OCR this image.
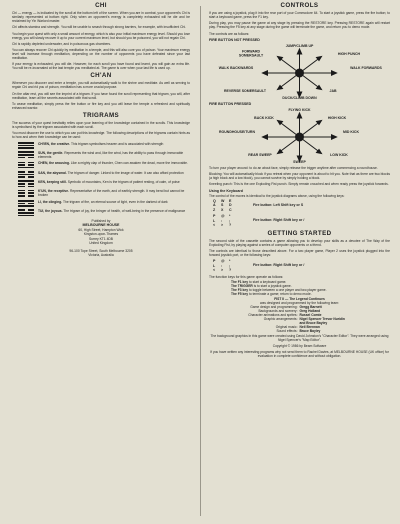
CHI

Chi — energy — is indicated by the scroll at the bottom left of the screen. When you are in combat, your opponent's Chi is similarly represented at bottom right. Only when an opponent's energy is completely exhausted will he die and be reclaimed by Yin Warlord master.

Chi affects stamina and strength. You will be unable to smash through strong barriers, for example, with insufficient Chi.

You begin your quest with only a small amount of energy, which is also your initial maximum energy level. Should you lose energy, you will slowly recover it up to your current maximum level, but should you be poisoned, you will not regain Chi.

Chi is rapidly depleted underwater, and in poisonous gas chambers.

You can always recover Chi quickly by meditation in a temple, and this will also cure you of poison. Your maximum energy level will increase through meditation, depending on the number of opponents you have defeated since your last meditation.

If your energy is exhausted, you will die. However, for each scroll you have found and learnt, you will gain an extra life. You will be re-incarnated at the last temple you meditated at. The game is over when your last life is used up.

CH'AN

Whenever you discover and enter a temple, you will automatically walk to the shrine and meditate. As well as serving to regain Chi and rid you of poison, meditation has a more crucial purpose.

On the altar rest, you will see the imprint of a trigram. If you have found the scroll representing that trigram, you will, after meditation, learn all the secrets associated with that scroll.

To cease meditation, simply press the fire button or fire key and you will leave the temple a refreshed and spiritually enhanced warrior.

TRIGRAMS

The success of your quest inevitably relies upon your learning of the knowledge contained in the scrolls. This knowledge is symbolised by the trigram associated with each scroll.

You must discover the use to which you can put this knowledge. The following descriptions of the trigrams contain hints as to how and when their knowledge can be used:

CH'IEN, the creative. This trigram symbolises heaven and is associated with strength
SUN, the gentle. Represents the wind and, like the wind, has the ability to pass through immovable elements
CHEN, the arousing. Like a mighty clap of thunder, Chen can awaken the dead, move the immovable.
SAN, the abysmal. The trigram of danger. Linked to the image of water. It can also afford protection
KEN, keeping still. Symbolic of mountains, Ken is the trigram of patient resting, of calm, of poise
K'UN, the receptive. Representative of the earth, and of earthly strength. It may bend but cannot be broken
LI, the clinging. The trigram of fire, an eternal source of light, even in the darkest of dark
TUI, the joyous. The trigram of joy, the bringer of health, of well-being in the presence of malignance
Published by
MELBOURNE HOUSE
60, High Street, Hampton Wick
Kingston-upon-Thames
Surrey KT1 4DB
United Kingdom
96-100 Tope Street, South Melbourne 3205
Victoria, Australia
CONTROLS

If you are using a joystick, plug it into the rear port of your Commodore 64. To start a joystick game, press the fire button; to start a keyboard game, press the F1 key.

During play, you may pause the game at any stage by pressing the RESTORE key. Pressing RESTORE again will restart play. Pressing the F5 key at any stage during the game will terminate the game, and return you to demo mode.

The controls are as follows:

FIRE BUTTON NOT PRESSED
JUMP/CLIMB UP
FORWARD SOMERSAULT
HIGH PUNCH
WALK BACKWARDS	WALK FORWARDS
REVERSE SOMERSAULT	JAB
DUCK/CLIMB DOWN
FIRE BUTTON PRESSED
FLYING KICK
BACK KICK	HIGH KICK
ROUNDHOUSE/TURN	MID KICK
REAR SWEEP	LOW KICK
SWEEP

To turn your player around: to do an about face, simply release the trigger anytime after commencing a roundhouse.

Blocking: You will automatically block if you retreat when your opponent is about to hit you. Note that as there are two blocks (a high block and a low block), you cannot survive by simply holding a block.

Kneeling punch: This is the one Exploding Fist punch. Simply remain crouched and when ready press the joystick forwards.

Using the Keyboard

The control of the moves is identical to the joystick diagrams above, using the following keys:

Q W E
A S D
Z X C
Fire button: Left Shift key or S
P @ *
L : ;
< > ?
Fire button: Right Shift key or /
GETTING STARTED

The second side of the cassette contains a game allowing you to develop your skills as a devotee of The Way of the Exploding Fist, by playing against a series of computer opponents or a friend.

The controls are identical to those described above. For a two player game, Player 2 uses the joystick plugged into the forward joystick port, or the following keys:

P @ *
L : ;
< > ?
Fire button: Right Shift key or /

The function keys for this game operate as follows:

The F1 key to start a keyboard game.
The TRIGGER is to start a joystick game.
The F3 key to toggle between a one player and two player game.
The F5 key to terminate a game; return to demo mode.
FIST II — The Legend Continues
was designed and programmed by the following team:
Game design and programming: Gregg Barnett
Backgrounds and scenery: Greg Holland
Character animations and sprites: Russel Comte
Graphic arrangements: Nigel Spencer Trevor Nuridin
and Bruce Bayley
Original music: Neil Brennan
Sound effects: Bruce Bayley

The background graphics in this game were created using David Johnston's "Character Editor". They were arranged using Nigel Spencer's "Map Editor".

Copyright © 1986 by Beam Software

If you have written any interesting programs why not send them to Rachel Davies, at MELBOURNE HOUSE (UK office) for evaluation in complete confidence and without obligation.
